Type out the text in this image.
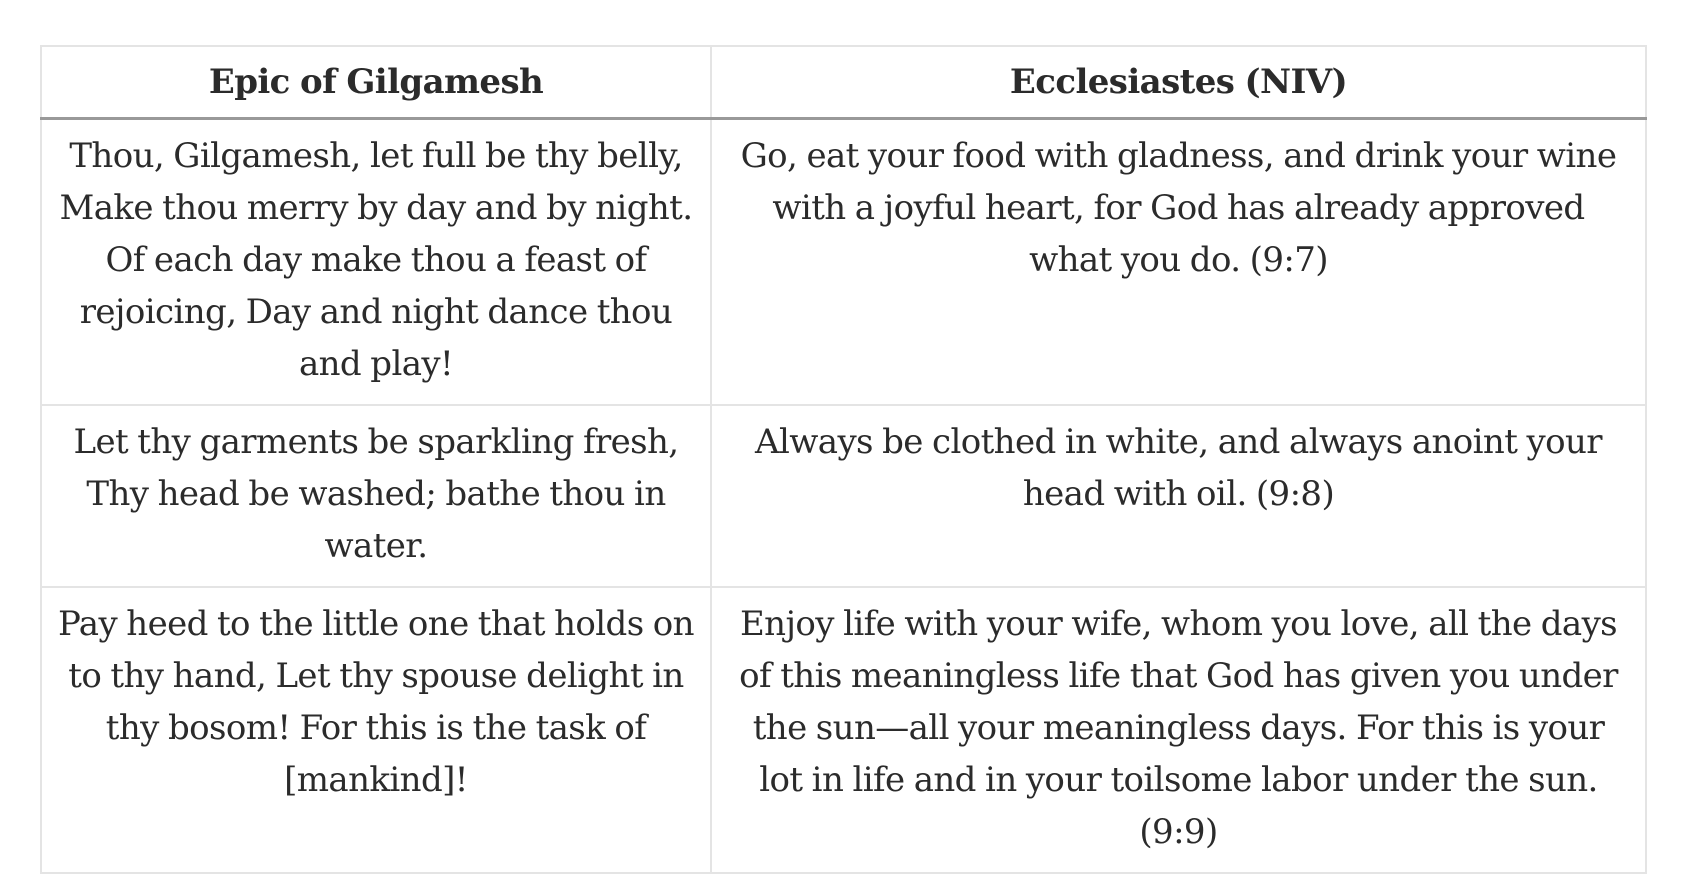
Epic of Gilgamesh	Ecclesiastes (NIV)
Thou, Gilgamesh, let full be thy belly, Make thou merry by day and by night. Of each day make thou a feast of rejoicing, Day and night dance thou and play!	Go, eat your food with gladness, and drink your wine with a joyful heart, for God has already approved what you do. (9:7)
Let thy garments be sparkling fresh, Thy head be washed; bathe thou in water.	Always be clothed in white, and always anoint your head with oil. (9:8)
Pay heed to the little one that holds on to thy hand, Let thy spouse delight in thy bosom! For this is the task of [mankind]!	Enjoy life with your wife, whom you love, all the days of this meaningless life that God has given you under the sun—all your meaningless days. For this is your lot in life and in your toilsome labor under the sun. (9:9)
